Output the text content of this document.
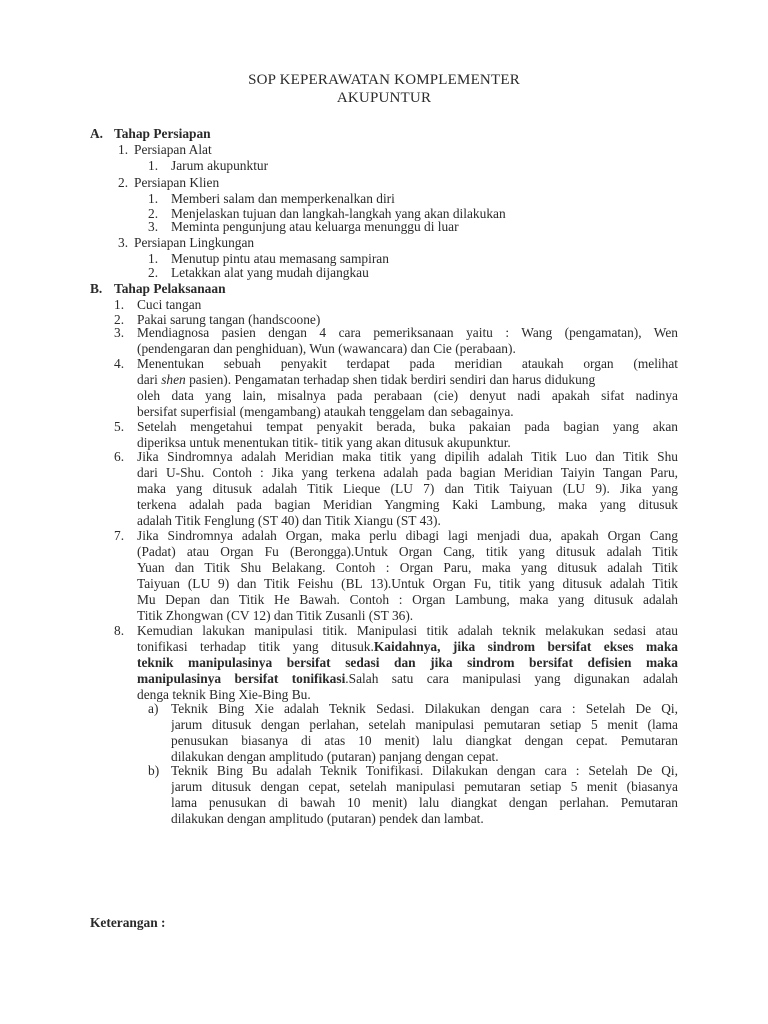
SOP KEPERAWATAN KOMPLEMENTER
AKUPUNTUR
A. Tahap Persiapan
1. Persiapan Alat
1. Jarum akupunktur
2. Persiapan Klien
1. Memberi salam dan memperkenalkan diri
2. Menjelaskan tujuan dan langkah-langkah yang akan dilakukan
3. Meminta pengunjung atau keluarga menunggu di luar
3. Persiapan Lingkungan
1. Menutup pintu atau memasang sampiran
2. Letakkan alat yang mudah dijangkau
B. Tahap Pelaksanaan
1. Cuci tangan
2. Pakai sarung tangan (handscoone)
3. Mendiagnosa pasien dengan 4 cara pemeriksanaan yaitu : Wang (pengamatan), Wen
(pendengaran dan penghiduan), Wun (wawancara) dan Cie (perabaan).
4. Menentukan sebuah penyakit terdapat pada meridian ataukah organ (melihat
dari shen pasien). Pengamatan terhadap shen tidak berdiri sendiri dan harus didukung
oleh data yang lain, misalnya pada perabaan (cie) denyut nadi apakah sifat nadinya
bersifat superfisial (mengambang) ataukah tenggelam dan sebagainya.
5. Setelah mengetahui tempat penyakit berada, buka pakaian pada bagian yang akan
diperiksa untuk menentukan titik- titik yang akan ditusuk akupunktur.
6. Jika Sindromnya adalah Meridian maka titik yang dipilih adalah Titik Luo dan Titik Shu
dari U-Shu. Contoh : Jika yang terkena adalah pada bagian Meridian Taiyin Tangan Paru,
maka yang ditusuk adalah Titik Lieque (LU 7) dan Titik Taiyuan (LU 9). Jika yang
terkena adalah pada bagian Meridian Yangming Kaki Lambung, maka yang ditusuk
adalah Titik Fenglung (ST 40) dan Titik Xiangu (ST 43).
7. Jika Sindromnya adalah Organ, maka perlu dibagi lagi menjadi dua, apakah Organ Cang
(Padat) atau Organ Fu (Berongga).Untuk Organ Cang, titik yang ditusuk adalah Titik
Yuan dan Titik Shu Belakang. Contoh : Organ Paru, maka yang ditusuk adalah Titik
Taiyuan (LU 9) dan Titik Feishu (BL 13).Untuk Organ Fu, titik yang ditusuk adalah Titik
Mu Depan dan Titik He Bawah. Contoh : Organ Lambung, maka yang ditusuk adalah
Titik Zhongwan (CV 12) dan Titik Zusanli (ST 36).
8. Kemudian lakukan manipulasi titik. Manipulasi titik adalah teknik melakukan sedasi atau
tonifikasi terhadap titik yang ditusuk.Kaidahnya, jika sindrom bersifat ekses maka
teknik manipulasinya bersifat sedasi dan jika sindrom bersifat defisien maka
manipulasinya bersifat tonifikasi.Salah satu cara manipulasi yang digunakan adalah
denga teknik Bing Xie-Bing Bu.
a) Teknik Bing Xie adalah Teknik Sedasi. Dilakukan dengan cara : Setelah De Qi,
jarum ditusuk dengan perlahan, setelah manipulasi pemutaran setiap 5 menit (lama
penusukan biasanya di atas 10 menit) lalu diangkat dengan cepat. Pemutaran
dilakukan dengan amplitudo (putaran) panjang dengan cepat.
b) Teknik Bing Bu adalah Teknik Tonifikasi. Dilakukan dengan cara : Setelah De Qi,
jarum ditusuk dengan cepat, setelah manipulasi pemutaran setiap 5 menit (biasanya
lama penusukan di bawah 10 menit) lalu diangkat dengan perlahan. Pemutaran
dilakukan dengan amplitudo (putaran) pendek dan lambat.
Keterangan :
